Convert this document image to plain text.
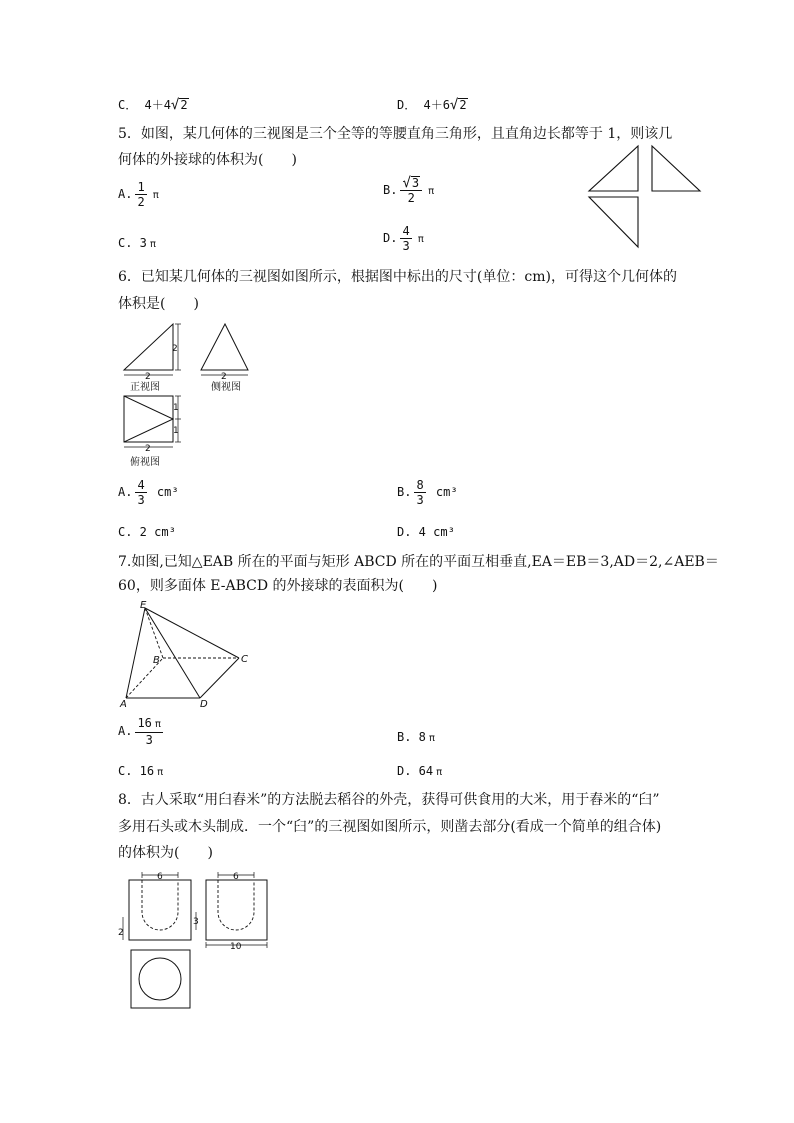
C． 4＋4√2	D． 4＋6√2
5．如图，某几何体的三视图是三个全等的等腰直角三角形，且直角边长都等于 1，则该几
何体的外接球的体积为(　　)
A. $\frac{1}{2}$ π	B. $\frac{√3}{2}$ π
C. 3 π	D. $\frac{4}{3}$ π
6．已知某几何体的三视图如图所示，根据图中标出的尺寸(单位：cm)，可得这个几何体的
体积是(　　)
2
2
正视图
2
侧视图
1
1
2
俯视图
A. $\frac{4}{3} cm^3$	B. $\frac{8}{3} cm^3$
C. 2 cm³	D. 4 cm³
7.如图,已知△EAB 所在的平面与矩形 ABCD 所在的平面互相垂直,EA＝EB＝3,AD＝2,∠AEB＝
60，则多面体 E-ABCD 的外接球的表面积为(　　)
E
B	C
A	D
A. $\frac{16 \pi}{3}$	B. 8 π
C. 16 π	D. 64 π
8．古人采取“用臼舂米”的方法脱去稻谷的外壳，获得可供食用的大米，用于舂米的“臼”
多用石头或木头制成．一个“臼”的三视图如图所示，则凿去部分(看成一个简单的组合体)
的体积为(　　)
6
2
3
6
10
